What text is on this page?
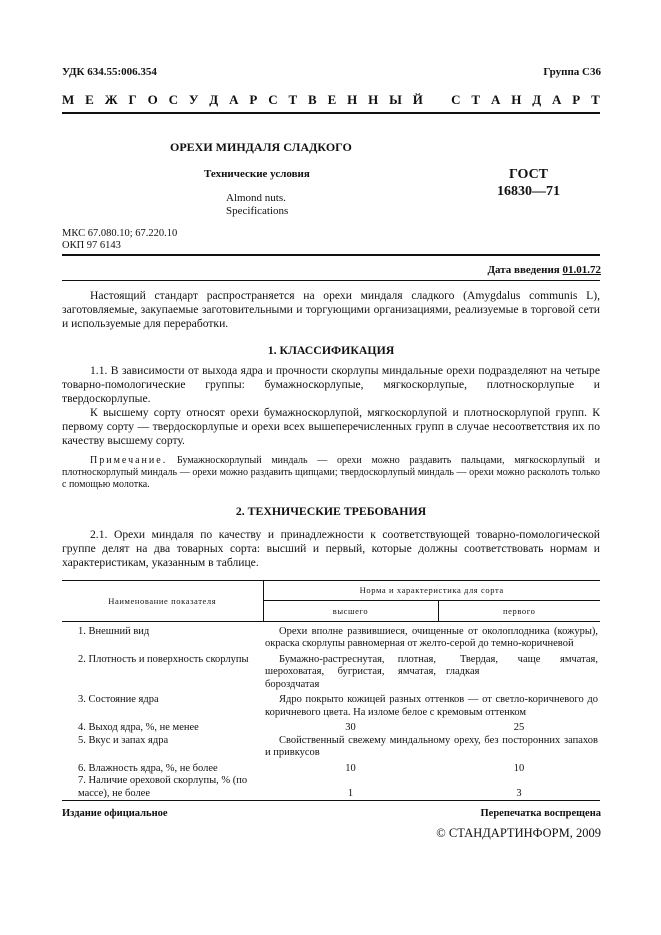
УДК 634.55:006.354	Группа С36
М Е Ж Г О С У Д А Р С Т В Е Н Н Ы Й
С Т А Н Д А Р Т
ОРЕХИ МИНДАЛЯ СЛАДКОГО
Технические условия
Almond nuts.
Specifications
ГОСТ
16830—71
МКС 67.080.10; 67.220.10
ОКП 97 6143
Дата введения 01.01.72

Настоящий стандарт распространяется на орехи миндаля сладкого (Amygdalus communis L), заготовляемые, закупаемые заготовительными и торгующими организациями, реализуемые в торговой сети и используемые для переработки.

1. КЛАССИФИКАЦИЯ

1.1. В зависимости от выхода ядра и прочности скорлупы миндальные орехи подразделяют на четыре товарно-помологические группы: бумажноскорлупые, мягкоскорлупые, плотноскорлупые и твердоскорлупые.

К высшему сорту относят орехи бумажноскорлупой, мягкоскорлупой и плотноскорлупой групп. К первому сорту — твердоскорлупые и орехи всех вышеперечисленных групп в случае несоответствия их по качеству высшему сорту.

Примечание. Бумажноскорлупый миндаль — орехи можно раздавить пальцами, мягкоскорлупый и плотноскорлупый миндаль — орехи можно раздавить щипцами; твердоскорлупый миндаль — орехи можно расколоть только с помощью молотка.

2. ТЕХНИЧЕСКИЕ ТРЕБОВАНИЯ

2.1. Орехи миндаля по качеству и принадлежности к соответствующей товарно-помологической группе делят на два товарных сорта: высший и первый, которые должны соответствовать нормам и характеристикам, указанным в таблице.

Наименование показателя	Норма и характеристика для сорта	
	высшего	первого

1. Внешний вид	Орехи вполне развившиеся, очищенные от околоплодника (кожуры), окраска скорлупы равномерная от желто-серой до темно-коричневой	

2. Плотность и поверхность скорлупы	Бумажно-растреснутая, плотная, шероховатая, бугристая, ямчатая, бороздчатая	Твердая, чаще ямчатая, гладкая

3. Состояние ядра	Ядро покрыто кожицей разных оттенков — от светло-коричневого до коричневого цвета. На изломе белое с кремовым оттенком	

4. Выход ядра, %, не менее	30	25

5. Вкус и запах ядра	Свойственный свежему миндальному ореху, без посторонних запахов и привкусов	

6. Влажность ядра, %, не более	10	10

7. Наличие ореховой скорлупы, % (по массе), не более	1	3
Издание официальное	Перепечатка воспрещена
© СТАНДАРТИНФОРМ, 2009
